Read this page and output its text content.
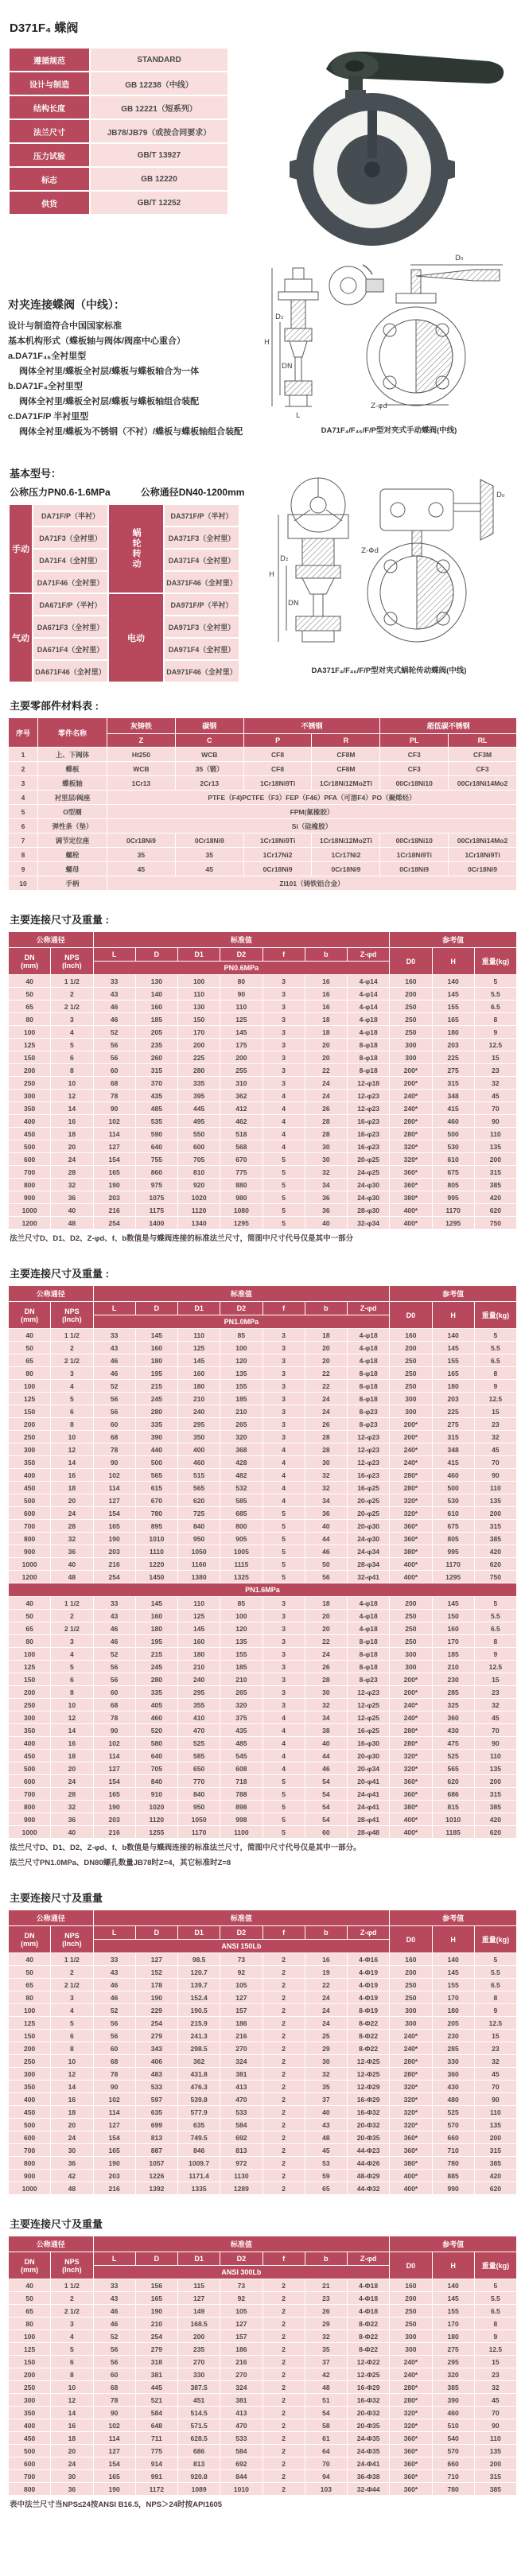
D371F₄ 蝶阀
遵循规范	STANDARD
设计与制造	GB 12238（中线）
结构长度	GB 12221（短系列）
法兰尺寸	JB78/JB79（或按合同要求）
压力试验	GB/T 13927
标志	GB 12220
供货	GB/T 12252
对夹连接蝶阀（中线）：
设计与制造符合中国国家标准
基本机构形式（蝶板轴与阀体/阀座中心重合）
a.DA71F₄₆全衬里型
阀体全衬里/蝶板全衬层/蝶板与蝶板轴合为一体
b.DA71F₄全衬里型
阀体全衬里/蝶板全衬层/蝶板与蝶板轴组合装配
c.DA71F/P 半衬里型
阀体全衬里/蝶板为不锈钢（不衬）/蝶板与蝶板轴组合装配
D₀
H
D₂
DN
L
Z-φd
DA71F₄/F₄₆/F/P型对夹式手动蝶阀(中线)
基本型号：
公称压力PN0.6-1.6MPa	公称通径DN40-1200mm
手动	DA71F/P（半衬）	蜗轮转动	DA371F/P（半衬）
	DA71F3（全衬里）		DA371F3（全衬里）
	DA71F4（全衬里）		DA371F4（全衬里）
	DA71F46（全衬里）		DA371F46（全衬里）
气动	DA671F/P（半衬）	电动	DA971F/P（半衬）
	DA671F3（全衬里）		DA971F3（全衬里）
	DA671F4（全衬里）		DA971F4（全衬里）
	DA671F46（全衬里）		DA971F46（全衬里）
D₀
H
D₂
DN
Z-Φd
DA371F₄/F₄₆/F/P型对夹式蜗轮传动蝶阀(中线)
主要零部件材料表 :
序号	零件名称	灰铸铁	碳钢	不锈钢		超低碳不锈钢	
		Z	C	P	R	PL	RL
1	上、下阀体	Ht250	WCB	CF8	CF8M	CF3	CF3M
2	蝶板	WCB	35（锻）	CF8	CF8M	CF3	CF3
3	蝶板轴	1Cr13	2Cr13	1Cr18Ni9Ti	1Cr18Ni12Mo2Ti	00Cr18Ni10	00Cr18Ni14Mo2
4	衬里层/阀座	PTFE（F4)PCTFE（F3）FEP（F46）PFA（可溶F4）PO（聚烯烃）					
5	O型圈	FPM(氟橡胶）					
6	弹性条（垫）	Si（硅橡胶）					
7	调节定位座	0Cr18Ni9	0Cr18Ni9	1Cr18Ni9Ti	1Cr18Ni12Mo2Ti	00Cr18Ni10	00Cr18Ni14Mo2
8	螺栓	35	35	1Cr17Ni2	1Cr17Ni2	1Cr18Ni9Ti	1Cr18Ni9Ti
9	螺母	45	45	0Cr18Ni9	0Cr18Ni9	0Cr18Ni9	0Cr18Ni9
10	手柄	ZI101（铸铁铝合金）					
主要连接尺寸及重量 :
公称通径		标准值							参考值		

DN
(mm)

NPS
(Inch)
	L	D	D1	D2	f	b	Z-φd	D0	H	重量(kg)
		PN0.6MPa									
40	1 1/2	33	130	100	80	3	16	4-φ14	160	140	5
50	2	43	140	110	90	3	16	4-φ14	200	145	5.5
65	2 1/2	46	160	130	110	3	16	4-φ14	250	155	6.5
80	3	46	185	150	125	3	18	4-φ18	250	165	8
100	4	52	205	170	145	3	18	4-φ18	250	180	9
125	5	56	235	200	175	3	20	8-φ18	300	203	12.5
150	6	56	260	225	200	3	20	8-φ18	300	225	15
200	8	60	315	280	255	3	22	8-φ18	200*	275	23
250	10	68	370	335	310	3	24	12-φ18	200*	315	32
300	12	78	435	395	362	4	24	12-φ23	240*	348	45
350	14	90	485	445	412	4	26	12-φ23	240*	415	70
400	16	102	535	495	462	4	28	16-φ23	280*	460	90
450	18	114	590	550	518	4	28	16-φ23	280*	500	110
500	20	127	640	600	568	4	30	16-φ23	320*	530	135
600	24	154	755	705	670	5	30	20-φ25	320*	610	200
700	28	165	860	810	775	5	32	24-φ25	360*	675	315
800	32	190	975	920	880	5	34	24-φ30	360*	805	385
900	36	203	1075	1020	980	5	36	24-φ30	380*	995	420
1000	40	216	1175	1120	1080	5	36	28-φ30	400*	1170	620
1200	48	254	1400	1340	1295	5	40	32-φ34	400*	1295	750
法兰尺寸D、D1、D2、Z-φd、f、b数值是与蝶阀连接的标准法兰尺寸，简图中尺寸代号仅是其中一部分
主要连接尺寸及重量 :
公称通径		标准值							参考值		

DN
(mm)

NPS
(Inch)
	L	D	D1	D2	f	b	Z-φd	D0	H	重量(kg)
		PN1.0MPa									
40	1 1/2	33	145	110	85	3	18	4-φ18	160	140	5
50	2	43	160	125	100	3	20	4-φ18	200	145	5.5
65	2 1/2	46	180	145	120	3	20	4-φ18	250	155	6.5
80	3	46	195	160	135	3	22	8-φ18	250	165	8
100	4	52	215	180	155	3	22	8-φ18	250	180	9
125	5	56	245	210	185	3	24	8-φ18	300	203	12.5
150	6	56	280	240	210	3	24	8-φ23	300	225	15
200	8	60	335	295	265	3	26	8-φ23	200*	275	23
250	10	68	390	350	320	3	28	12-φ23	200*	315	32
300	12	78	440	400	368	4	28	12-φ23	240*	348	45
350	14	90	500	460	428	4	30	12-φ23	240*	415	70
400	16	102	565	515	482	4	32	16-φ23	280*	460	90
450	18	114	615	565	532	4	32	16-φ25	280*	500	110
500	20	127	670	620	585	4	34	20-φ25	320*	530	135
600	24	154	780	725	685	5	36	20-φ25	320*	610	200
700	28	165	895	840	800	5	40	20-φ30	360*	675	315
800	32	190	1010	950	905	5	44	24-φ30	360*	805	385
900	36	203	1110	1050	1005	5	46	24-φ34	380*	995	420
1000	40	216	1220	1160	1115	5	50	28-φ34	400*	1170	620
1200	48	254	1450	1380	1325	5	56	32-φ41	400*	1295	750
PN1.6MPa											
40	1 1/2	33	145	110	85	3	18	4-φ18	200	145	5
50	2	43	160	125	100	3	20	4-φ18	250	150	5.5
65	2 1/2	46	180	145	120	3	20	4-φ18	250	160	6.5
80	3	46	195	160	135	3	22	8-φ18	250	170	8
100	4	52	215	180	155	3	24	8-φ18	300	185	9
125	5	56	245	210	185	3	26	8-φ18	300	210	12.5
150	6	56	280	240	210	3	28	8-φ23	200*	230	15
200	8	60	335	295	265	3	30	12-φ23	200*	285	23
250	10	68	405	355	320	3	32	12-φ25	240*	325	32
300	12	78	460	410	375	4	34	12-φ25	240*	360	45
350	14	90	520	470	435	4	38	16-φ25	280*	430	70
400	16	102	580	525	485	4	40	16-φ30	280*	475	90
450	18	114	640	585	545	4	44	20-φ30	320*	525	110
500	20	127	705	650	608	4	46	20-φ34	320*	565	135
600	24	154	840	770	718	5	54	20-φ41	360*	620	200
700	28	165	910	840	788	5	54	24-φ41	360*	686	315
800	32	190	1020	950	898	5	54	24-φ41	380*	815	385
900	36	203	1120	1050	998	5	54	28-φ41	400*	1010	420
1000	40	216	1255	1170	1100	5	60	28-φ48	400*	1185	620
法兰尺寸D、D1、D2、Z-φd、f、b数值是与蝶阀连接的标准法兰尺寸，简图中尺寸代号仅是其中一部分。
法兰尺寸PN1.0MPa、DN80螺孔数量JB78时Z=4，其它标准时Z=8
主要连接尺寸及重量
公称通径		标准值							参考值		

DN
(mm)

NPS
(Inch)
	L	D	D1	D2	f	b	Z-φd	D0	H	重量(kg)
		ANSI 150Lb									
40	1 1/2	33	127	98.5	73	2	16	4-Φ16	160	140	5
50	2	43	152	120.7	92	2	19	4-Φ19	200	145	5.5
65	2 1/2	46	178	139.7	105	2	22	4-Φ19	250	155	6.5
80	3	46	190	152.4	127	2	24	4-Φ19	250	170	8
100	4	52	229	190.5	157	2	24	8-Φ19	300	180	9
125	5	56	254	215.9	186	2	24	8-Φ22	300	205	12.5
150	6	56	279	241.3	216	2	25	8-Φ22	240*	230	15
200	8	60	343	298.5	270	2	29	8-Φ22	240*	285	23
250	10	68	406	362	324	2	30	12-Φ25	280*	330	32
300	12	78	483	431.8	381	2	32	12-Φ25	280*	360	45
350	14	90	533	476.3	413	2	35	12-Φ29	320*	430	70
400	16	102	597	539.8	470	2	37	16-Φ29	320*	480	90
450	18	114	635	577.9	533	2	40	16-Φ32	320*	525	110
500	20	127	699	635	584	2	43	20-Φ32	320*	570	135
600	24	154	813	749.5	692	2	48	20-Φ35	360*	660	200
700	30	165	887	846	813	2	45	44-Φ23	360*	710	315
800	36	190	1057	1009.7	972	2	53	44-Φ26	380*	780	385
900	42	203	1226	1171.4	1130	2	59	48-Φ29	400*	885	420
1000	48	216	1392	1335	1289	2	65	44-Φ32	400*	990	620
主要连接尺寸及重量
公称通径		标准值							参考值		

DN
(mm)

NPS
(Inch)
	L	D	D1	D2	f	b	Z-φd	D0	H	重量(kg)
		ANSI 300Lb									
40	1 1/2	33	156	115	73	2	21	4-Φ18	160	140	5
50	2	43	165	127	92	2	23	4-Φ18	200	145	5.5
65	2 1/2	46	190	149	105	2	26	4-Φ18	250	155	6.5
80	3	46	210	168.5	127	2	29	8-Φ22	250	170	8
100	4	52	254	200	157	2	32	8-Φ22	300	180	9
125	5	56	279	235	186	2	35	8-Φ22	300	275	12.5
150	6	56	318	270	216	2	37	12-Φ22	240*	295	15
200	8	60	381	330	270	2	42	12-Φ25	240*	320	23
250	10	68	445	387.5	324	2	48	16-Φ29	280*	385	32
300	12	78	521	451	381	2	51	16-Φ32	280*	390	45
350	14	90	584	514.5	413	2	54	20-Φ32	320*	460	70
400	16	102	648	571.5	470	2	58	20-Φ35	320*	510	90
450	18	114	711	628.5	533	2	61	24-Φ35	360*	540	110
500	20	127	775	686	584	2	64	24-Φ35	360*	570	135
600	24	154	914	813	692	2	70	24-Φ41	360*	660	200
700	30	165	991	920.8	844	2	94	36-Φ38	360*	710	315
800	36	190	1172	1089	1010	2	103	32-Φ44	360*	780	385
表中法兰尺寸当NPS≤24按ANSI B16.5，NPS＞24时按API1605
